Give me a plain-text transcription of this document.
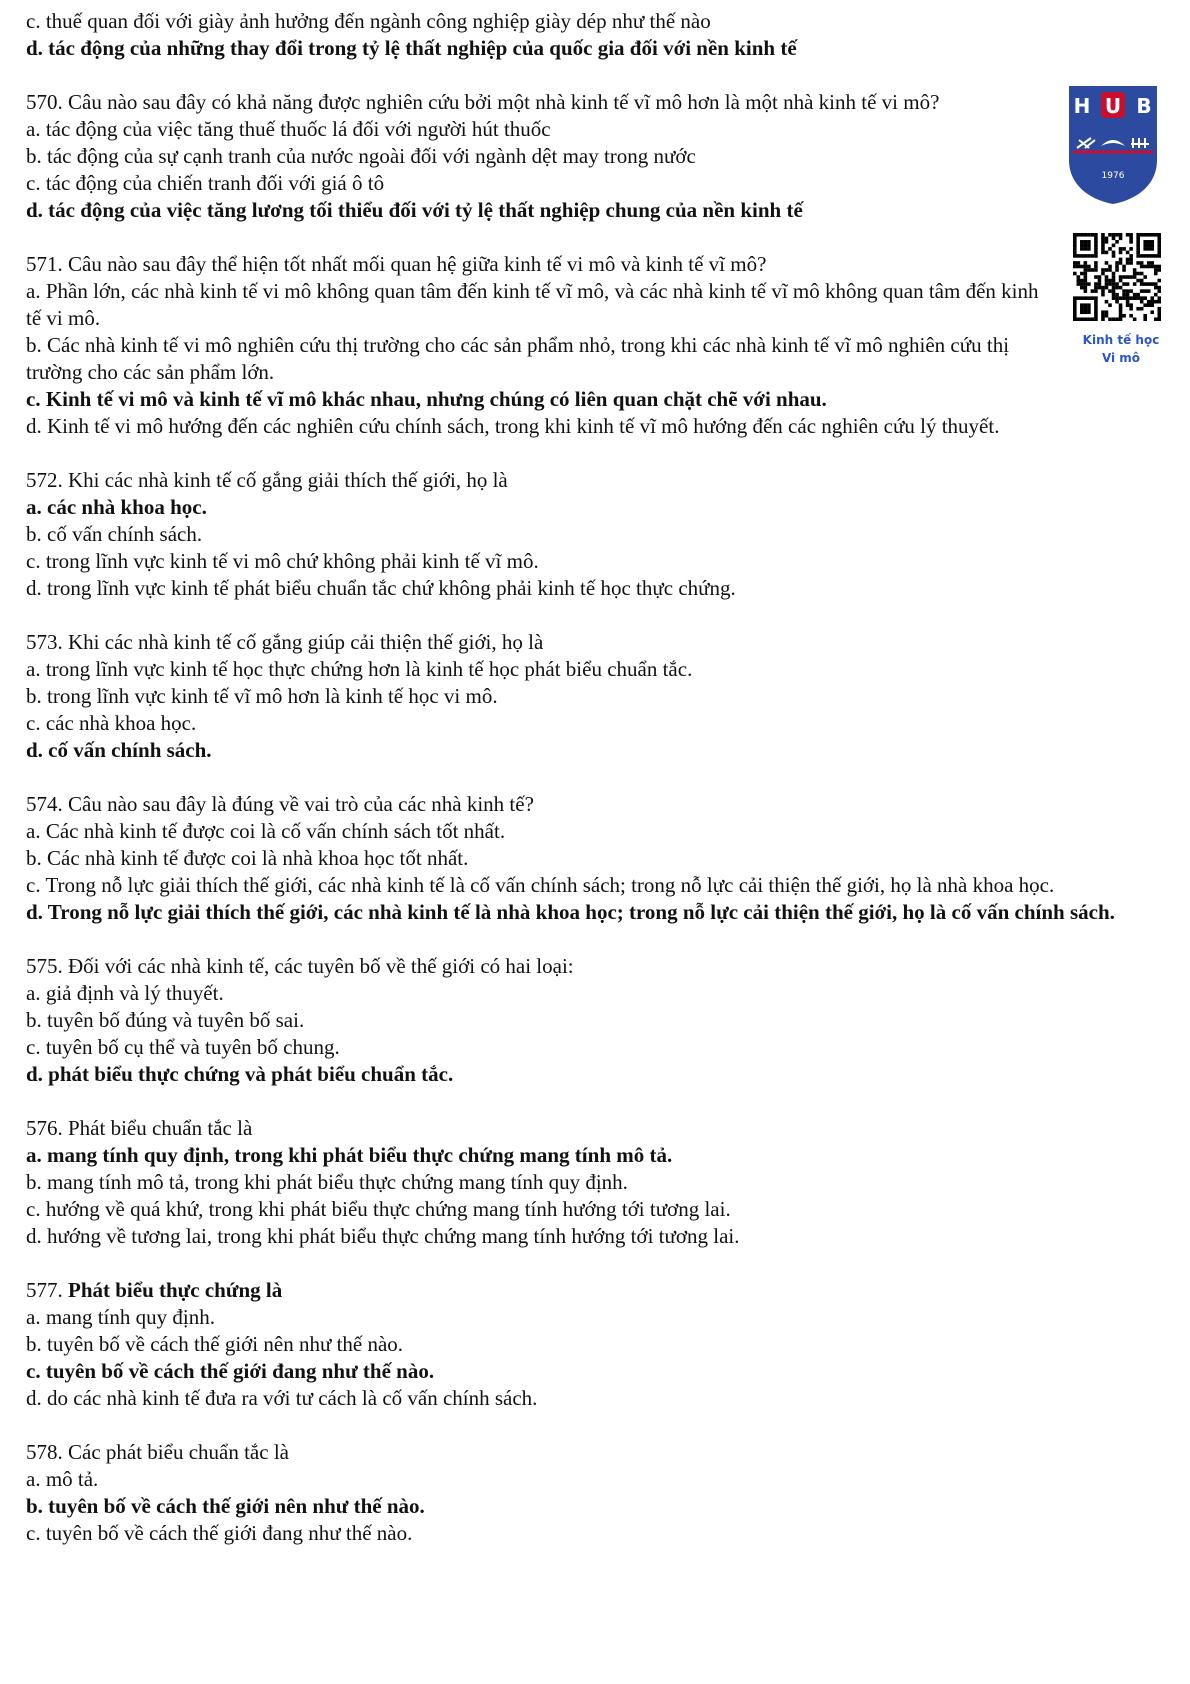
c. thuế quan đối với giày ảnh hưởng đến ngành công nghiệp giày dép như thế nào
d. tác động của những thay đổi trong tỷ lệ thất nghiệp của quốc gia đối với nền kinh tế
570. Câu nào sau đây có khả năng được nghiên cứu bởi một nhà kinh tế vĩ mô hơn là một nhà kinh tế vi mô?
a. tác động của việc tăng thuế thuốc lá đối với người hút thuốc
b. tác động của sự cạnh tranh của nước ngoài đối với ngành dệt may trong nước
c. tác động của chiến tranh đối với giá ô tô
d. tác động của việc tăng lương tối thiểu đối với tỷ lệ thất nghiệp chung của nền kinh tế
571. Câu nào sau đây thể hiện tốt nhất mối quan hệ giữa kinh tế vi mô và kinh tế vĩ mô?
a. Phần lớn, các nhà kinh tế vi mô không quan tâm đến kinh tế vĩ mô, và các nhà kinh tế vĩ mô không quan tâm đến kinh tế vi mô.
b. Các nhà kinh tế vi mô nghiên cứu thị trường cho các sản phẩm nhỏ, trong khi các nhà kinh tế vĩ mô nghiên cứu thị trường cho các sản phẩm lớn.
c. Kinh tế vi mô và kinh tế vĩ mô khác nhau, nhưng chúng có liên quan chặt chẽ với nhau.
d. Kinh tế vi mô hướng đến các nghiên cứu chính sách, trong khi kinh tế vĩ mô hướng đến các nghiên cứu lý thuyết.
572. Khi các nhà kinh tế cố gắng giải thích thế giới, họ là
a. các nhà khoa học.
b. cố vấn chính sách.
c. trong lĩnh vực kinh tế vi mô chứ không phải kinh tế vĩ mô.
d. trong lĩnh vực kinh tế phát biểu chuẩn tắc chứ không phải kinh tế học thực chứng.
573. Khi các nhà kinh tế cố gắng giúp cải thiện thế giới, họ là
a. trong lĩnh vực kinh tế học thực chứng hơn là kinh tế học phát biểu chuẩn tắc.
b. trong lĩnh vực kinh tế vĩ mô hơn là kinh tế học vi mô.
c. các nhà khoa học.
d. cố vấn chính sách.
574. Câu nào sau đây là đúng về vai trò của các nhà kinh tế?
a. Các nhà kinh tế được coi là cố vấn chính sách tốt nhất.
b. Các nhà kinh tế được coi là nhà khoa học tốt nhất.
c. Trong nỗ lực giải thích thế giới, các nhà kinh tế là cố vấn chính sách; trong nỗ lực cải thiện thế giới, họ là nhà khoa học.
d. Trong nỗ lực giải thích thế giới, các nhà kinh tế là nhà khoa học; trong nỗ lực cải thiện thế giới, họ là cố vấn chính sách.
575. Đối với các nhà kinh tế, các tuyên bố về thế giới có hai loại:
a. giả định và lý thuyết.
b. tuyên bố đúng và tuyên bố sai.
c. tuyên bố cụ thể và tuyên bố chung.
d. phát biểu thực chứng và phát biểu chuẩn tắc.
576. Phát biểu chuẩn tắc là
a. mang tính quy định, trong khi phát biểu thực chứng mang tính mô tả.
b. mang tính mô tả, trong khi phát biểu thực chứng mang tính quy định.
c. hướng về quá khứ, trong khi phát biểu thực chứng mang tính hướng tới tương lai.
d. hướng về tương lai, trong khi phát biểu thực chứng mang tính hướng tới tương lai.
577. Phát biểu thực chứng là
a. mang tính quy định.
b. tuyên bố về cách thế giới nên như thế nào.
c. tuyên bố về cách thế giới đang như thế nào.
d. do các nhà kinh tế đưa ra với tư cách là cố vấn chính sách.
578. Các phát biểu chuẩn tắc là
a. mô tả.
b. tuyên bố về cách thế giới nên như thế nào.
c. tuyên bố về cách thế giới đang như thế nào.
H U B
1976
Kinh tế học
Vi mô
